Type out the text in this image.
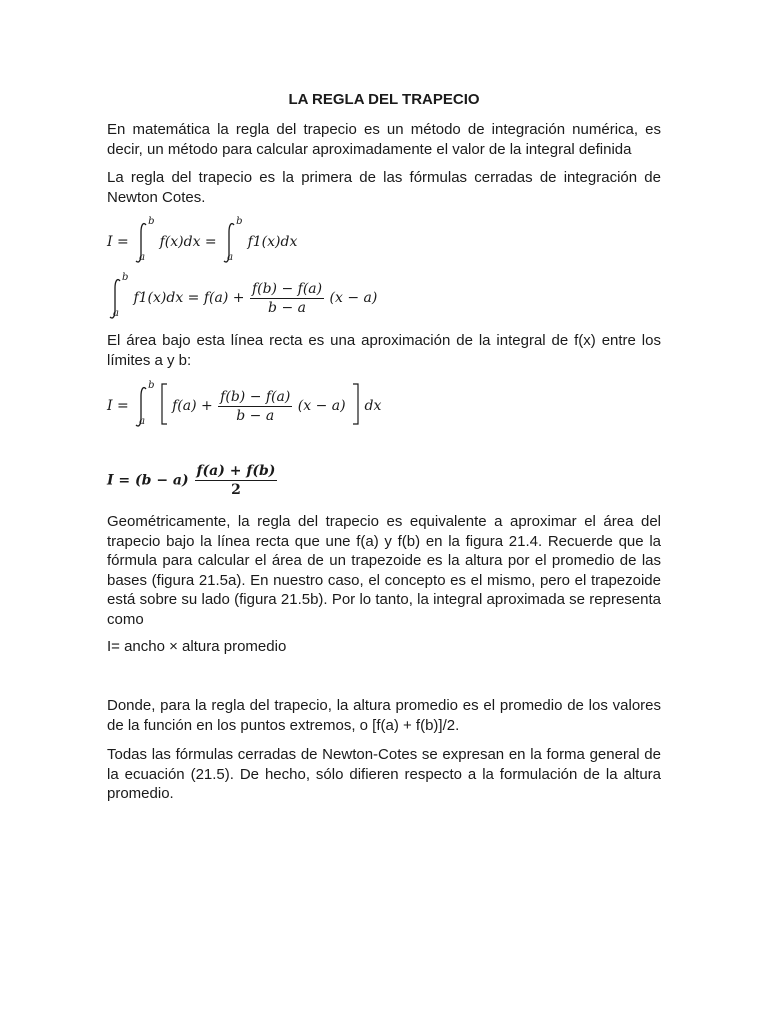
LA REGLA DEL TRAPECIO
En matemática la regla del trapecio es un método de integración numérica, es decir, un método para calcular aproximadamente el valor de la integral definida
La regla del trapecio es la primera de las fórmulas cerradas de integración de Newton Cotes.
I =
b
a
f(x)dx =
b
a
f1(x)dx
b
a
$f1(x)dx = f(a) + \frac{f(b) - f(a)}{b - a} (x - a)$
El área bajo esta línea recta es una aproximación de la integral de f(x) entre los límites a y b:
I =
b
a
$f(a) + \frac{f(b) - f(a)}{b - a} (x - a)$ dx
$I = (b - a) \frac{f(a) + f(b)}{2}$
Geométricamente, la regla del trapecio es equivalente a aproximar el área del trapecio bajo la línea recta que une f(a) y f(b) en la figura 21.4. Recuerde que la fórmula para calcular el área de un trapezoide es la altura por el promedio de las bases (figura 21.5a). En nuestro caso, el concepto es el mismo, pero el trapezoide está sobre su lado (figura 21.5b). Por lo tanto, la integral aproximada se representa como
I= ancho × altura promedio
Donde, para la regla del trapecio, la altura promedio es el promedio de los valores de la función en los puntos extremos, o [f(a) + f(b)]/2.
Todas las fórmulas cerradas de Newton-Cotes se expresan en la forma general de la ecuación (21.5). De hecho, sólo difieren respecto a la formulación de la altura promedio.
